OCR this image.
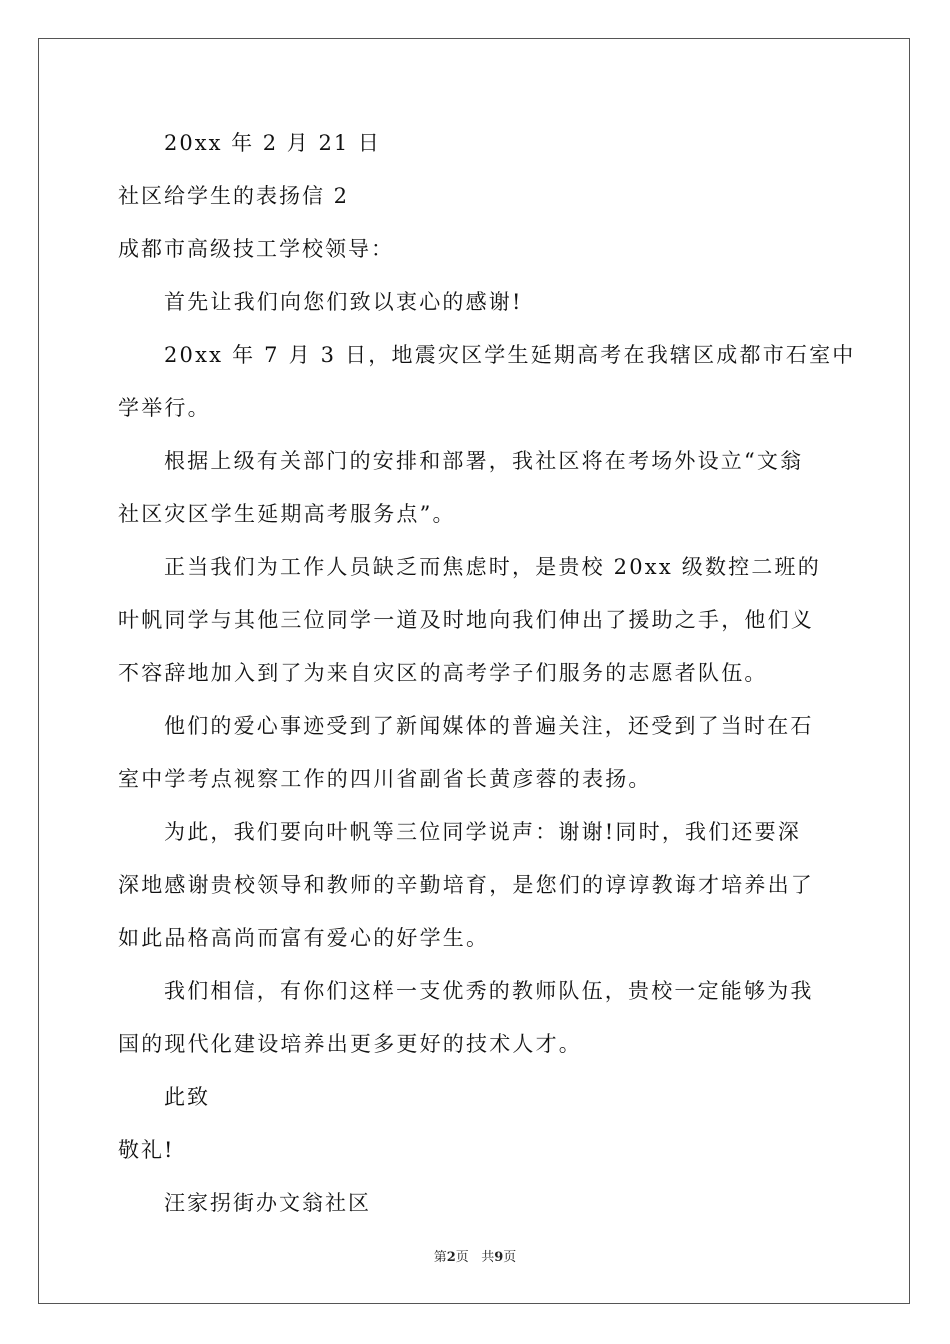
20xx 年 2 月 21 日
社区给学生的表扬信 2
成都市高级技工学校领导：
首先让我们向您们致以衷心的感谢!
20xx 年 7 月 3 日，地震灾区学生延期高考在我辖区成都市石室中
学举行。
根据上级有关部门的安排和部署，我社区将在考场外设立“文翁
社区灾区学生延期高考服务点”。
正当我们为工作人员缺乏而焦虑时，是贵校 20xx 级数控二班的
叶帆同学与其他三位同学一道及时地向我们伸出了援助之手，他们义
不容辞地加入到了为来自灾区的高考学子们服务的志愿者队伍。
他们的爱心事迹受到了新闻媒体的普遍关注，还受到了当时在石
室中学考点视察工作的四川省副省长黄彦蓉的表扬。
为此，我们要向叶帆等三位同学说声：谢谢!同时，我们还要深
深地感谢贵校领导和教师的辛勤培育，是您们的谆谆教诲才培养出了
如此品格高尚而富有爱心的好学生。
我们相信，有你们这样一支优秀的教师队伍，贵校一定能够为我
国的现代化建设培养出更多更好的技术人才。
此致
敬礼!
汪家拐街办文翁社区
第2页 共9页
